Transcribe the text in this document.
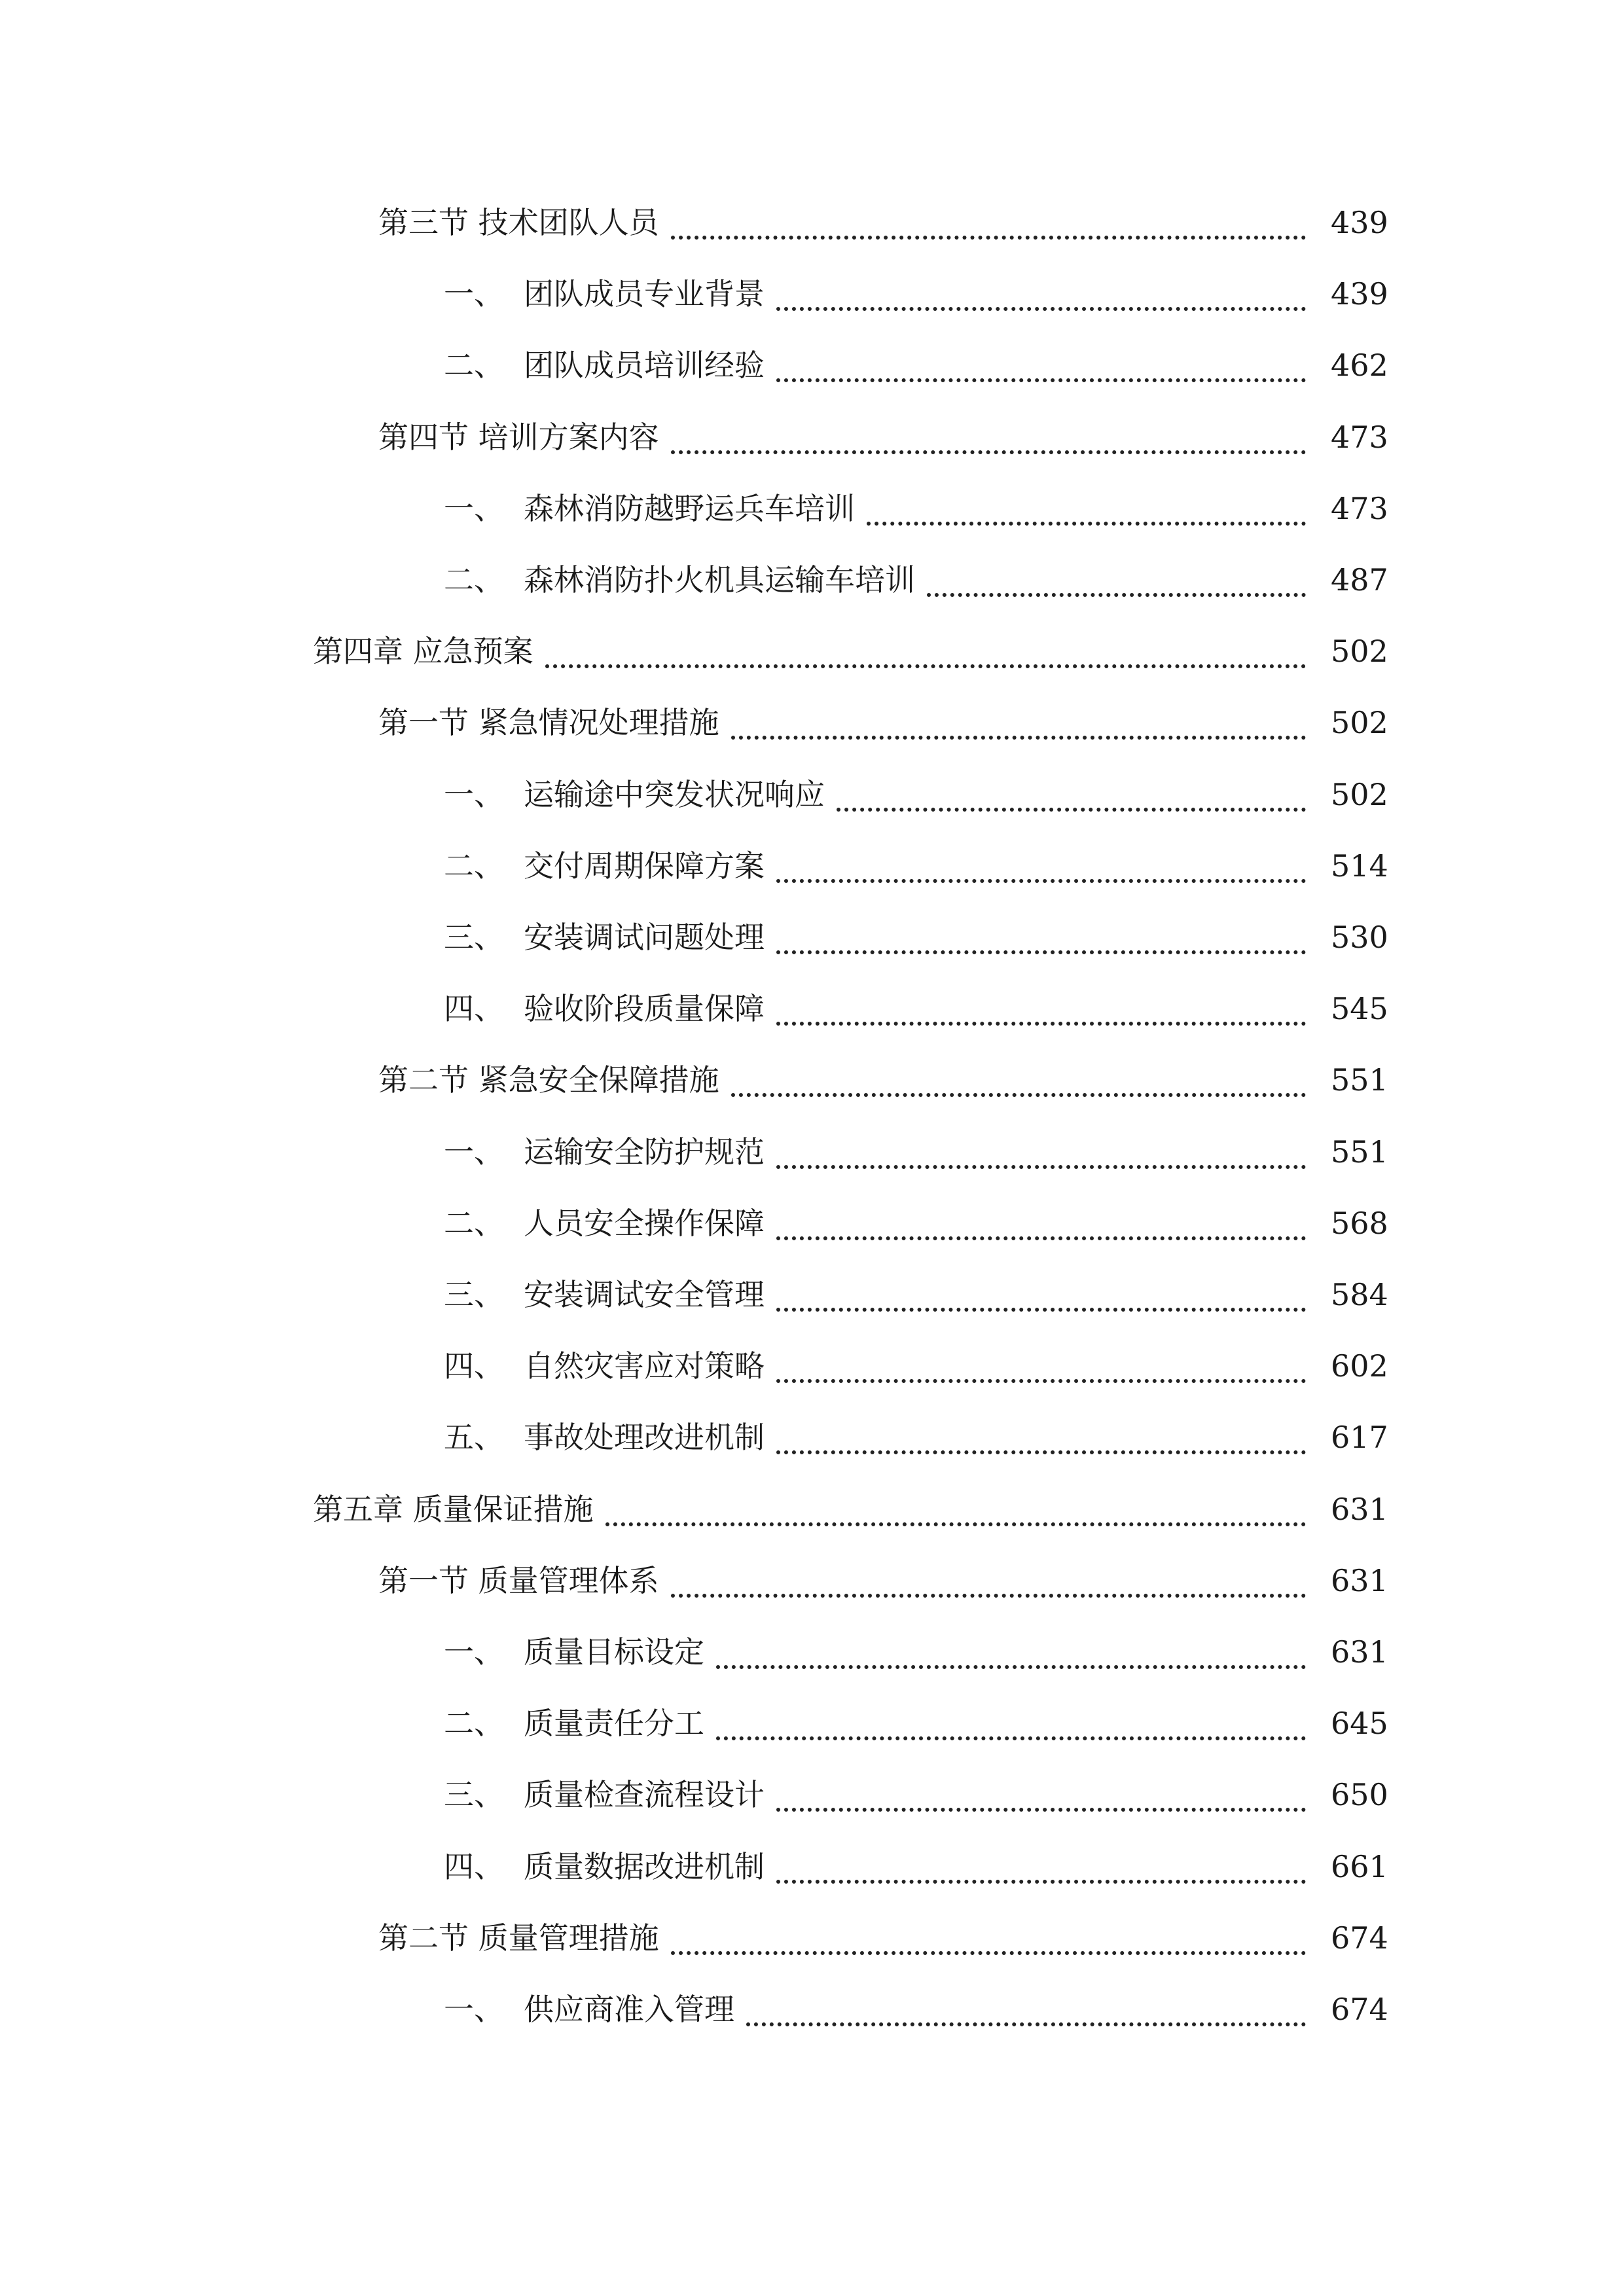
第三节 技术团队人员	439
一、 团队成员专业背景	439
二、 团队成员培训经验	462
第四节 培训方案内容	473
一、 森林消防越野运兵车培训	473
二、 森林消防扑火机具运输车培训	487
第四章 应急预案	502
第一节 紧急情况处理措施	502
一、 运输途中突发状况响应	502
二、 交付周期保障方案	514
三、 安装调试问题处理	530
四、 验收阶段质量保障	545
第二节 紧急安全保障措施	551
一、 运输安全防护规范	551
二、 人员安全操作保障	568
三、 安装调试安全管理	584
四、 自然灾害应对策略	602
五、 事故处理改进机制	617
第五章 质量保证措施	631
第一节 质量管理体系	631
一、 质量目标设定	631
二、 质量责任分工	645
三、 质量检查流程设计	650
四、 质量数据改进机制	661
第二节 质量管理措施	674
一、 供应商准入管理	674
